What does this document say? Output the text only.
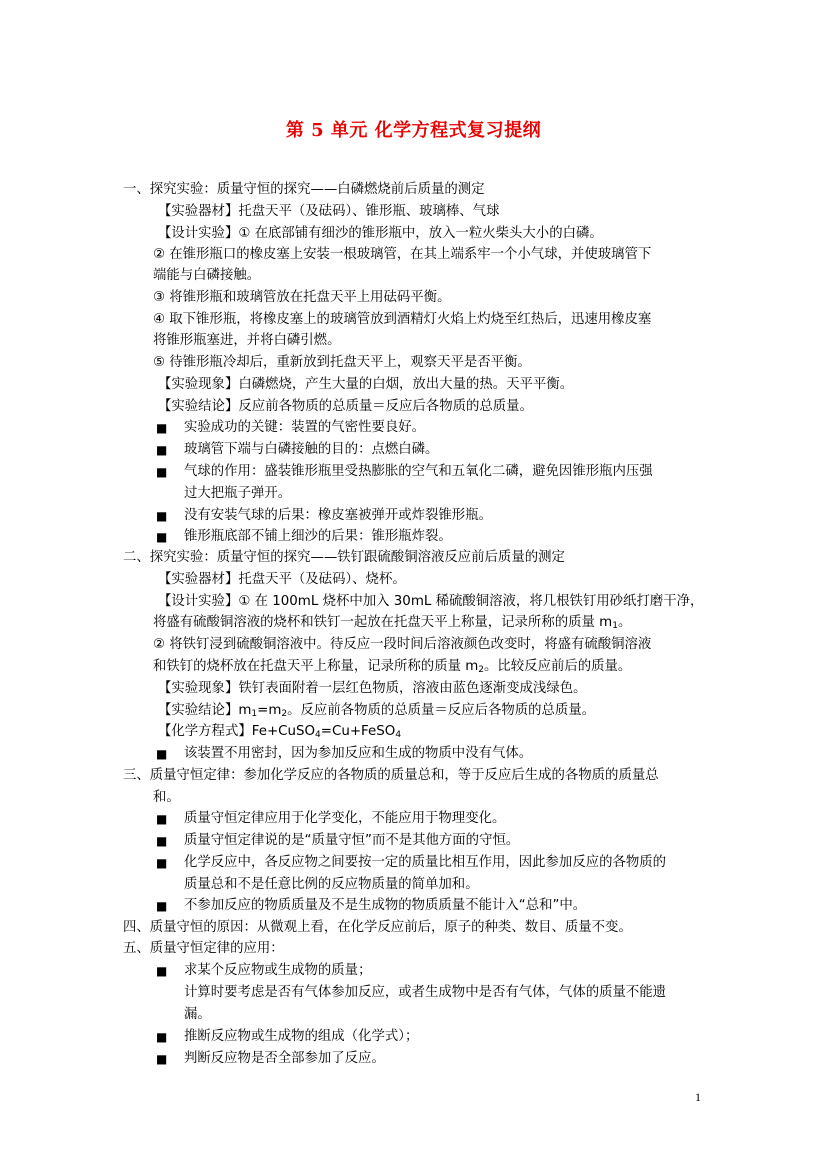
第 5 单元 化学方程式复习提纲
一、探究实验：质量守恒的探究——白磷燃烧前后质量的测定
【实验器材】托盘天平（及砝码）、锥形瓶、玻璃棒、气球
【设计实验】① 在底部铺有细沙的锥形瓶中，放入一粒火柴头大小的白磷。
② 在锥形瓶口的橡皮塞上安装一根玻璃管，在其上端系牢一个小气球，并使玻璃管下
端能与白磷接触。
③ 将锥形瓶和玻璃管放在托盘天平上用砝码平衡。
④ 取下锥形瓶，将橡皮塞上的玻璃管放到酒精灯火焰上灼烧至红热后，迅速用橡皮塞
将锥形瓶塞进，并将白磷引燃。
⑤ 待锥形瓶冷却后，重新放到托盘天平上，观察天平是否平衡。
【实验现象】白磷燃烧，产生大量的白烟，放出大量的热。天平平衡。
【实验结论】反应前各物质的总质量＝反应后各物质的总质量。
■ 实验成功的关键：装置的气密性要良好。
■ 玻璃管下端与白磷接触的目的：点燃白磷。
■ 气球的作用：盛装锥形瓶里受热膨胀的空气和五氧化二磷，避免因锥形瓶内压强
过大把瓶子弹开。
■ 没有安装气球的后果：橡皮塞被弹开或炸裂锥形瓶。
■ 锥形瓶底部不铺上细沙的后果：锥形瓶炸裂。
二、探究实验：质量守恒的探究——铁钉跟硫酸铜溶液反应前后质量的测定
【实验器材】托盘天平（及砝码）、烧杯。
【设计实验】① 在 100mL 烧杯中加入 30mL 稀硫酸铜溶液，将几根铁钉用砂纸打磨干净，
将盛有硫酸铜溶液的烧杯和铁钉一起放在托盘天平上称量，记录所称的质量 $m_1$。
② 将铁钉浸到硫酸铜溶液中。待反应一段时间后溶液颜色改变时，将盛有硫酸铜溶液
和铁钉的烧杯放在托盘天平上称量，记录所称的质量 $m_2$。比较反应前后的质量。
【实验现象】铁钉表面附着一层红色物质，溶液由蓝色逐渐变成浅绿色。
【实验结论】$m_1=m_2$。反应前各物质的总质量＝反应后各物质的总质量。
【化学方程式】Fe+CuSO$_4$=Cu+FeSO$_4$
■ 该装置不用密封，因为参加反应和生成的物质中没有气体。
三、质量守恒定律：参加化学反应的各物质的质量总和，等于反应后生成的各物质的质量总
和。
■ 质量守恒定律应用于化学变化，不能应用于物理变化。
■ 质量守恒定律说的是“质量守恒”而不是其他方面的守恒。
■ 化学反应中，各反应物之间要按一定的质量比相互作用，因此参加反应的各物质的
质量总和不是任意比例的反应物质量的简单加和。
■ 不参加反应的物质质量及不是生成物的物质质量不能计入“总和”中。
四、质量守恒的原因：从微观上看，在化学反应前后，原子的种类、数目、质量不变。
五、质量守恒定律的应用：
■ 求某个反应物或生成物的质量；
计算时要考虑是否有气体参加反应，或者生成物中是否有气体，气体的质量不能遗
漏。
■ 推断反应物或生成物的组成（化学式）；
■ 判断反应物是否全部参加了反应。
1
